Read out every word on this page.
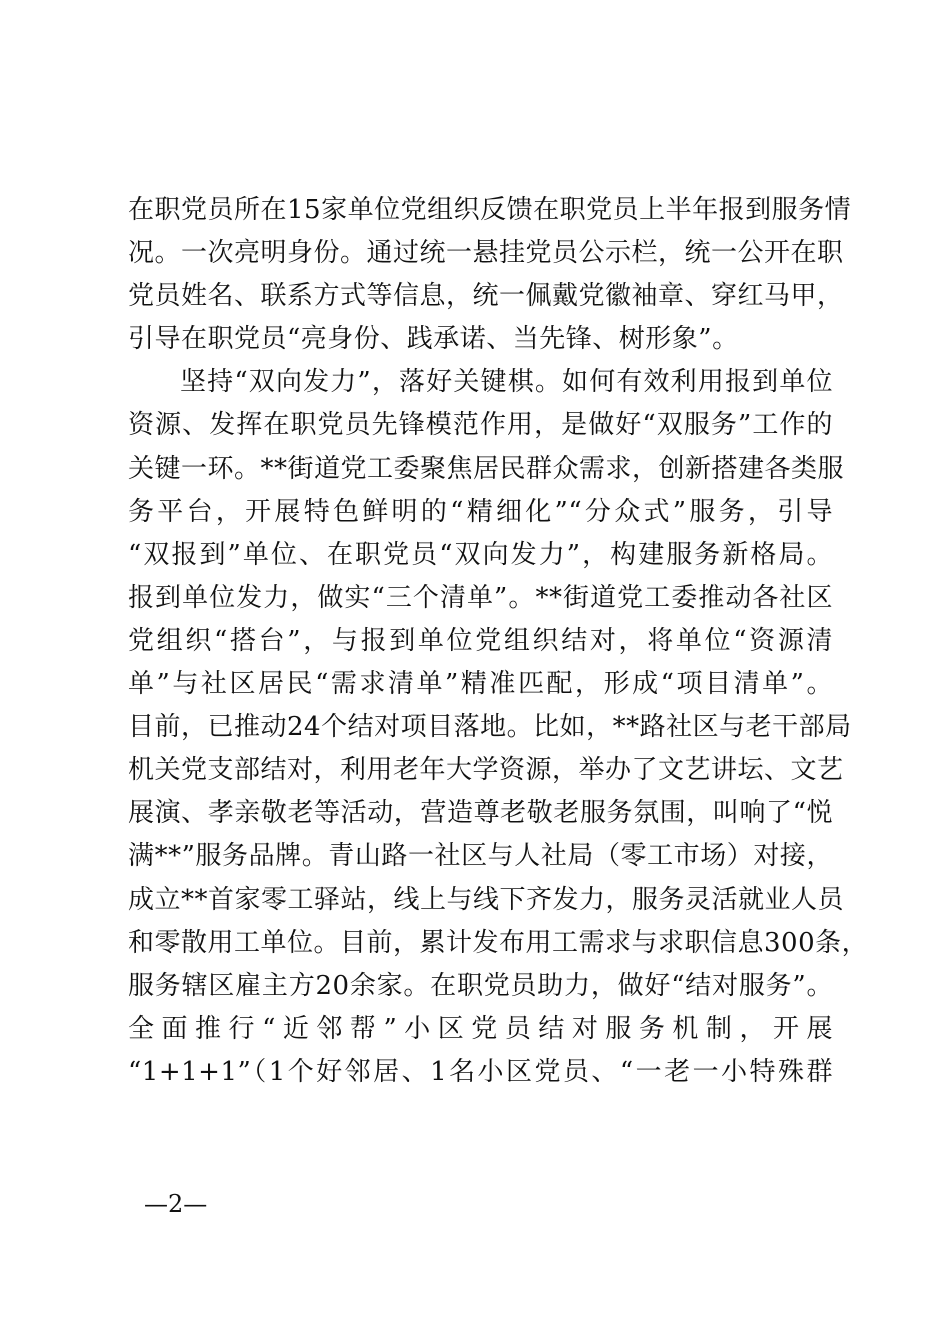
在职党员所在15家单位党组织反馈在职党员上半年报到服务情
况。一次亮明身份。通过统一悬挂党员公示栏，统一公开在职
党员姓名、联系方式等信息，统一佩戴党徽袖章、穿红马甲，
引导在职党员“亮身份、践承诺、当先锋、树形象”。
坚持“双向发力”，落好关键棋。如何有效利用报到单位
资源、发挥在职党员先锋模范作用，是做好“双服务”工作的
关键一环。**街道党工委聚焦居民群众需求，创新搭建各类服
务平台，开展特色鲜明的“精细化”“分众式”服务，引导
“双报到”单位、在职党员“双向发力”，构建服务新格局。
报到单位发力，做实“三个清单”。**街道党工委推动各社区
党组织“搭台”，与报到单位党组织结对，将单位“资源清
单”与社区居民“需求清单”精准匹配，形成“项目清单”。
目前，已推动24个结对项目落地。比如，**路社区与老干部局
机关党支部结对，利用老年大学资源，举办了文艺讲坛、文艺
展演、孝亲敬老等活动，营造尊老敬老服务氛围，叫响了“悦
满**”服务品牌。青山路一社区与人社局（零工市场）对接，
成立**首家零工驿站，线上与线下齐发力，服务灵活就业人员
和零散用工单位。目前，累计发布用工需求与求职信息300条，
服务辖区雇主方20余家。在职党员助力，做好“结对服务”。
全面推行“近邻帮”小区党员结对服务机制，开展
“1+1+1”（1个好邻居、1名小区党员、“一老一小特殊群
—2—
